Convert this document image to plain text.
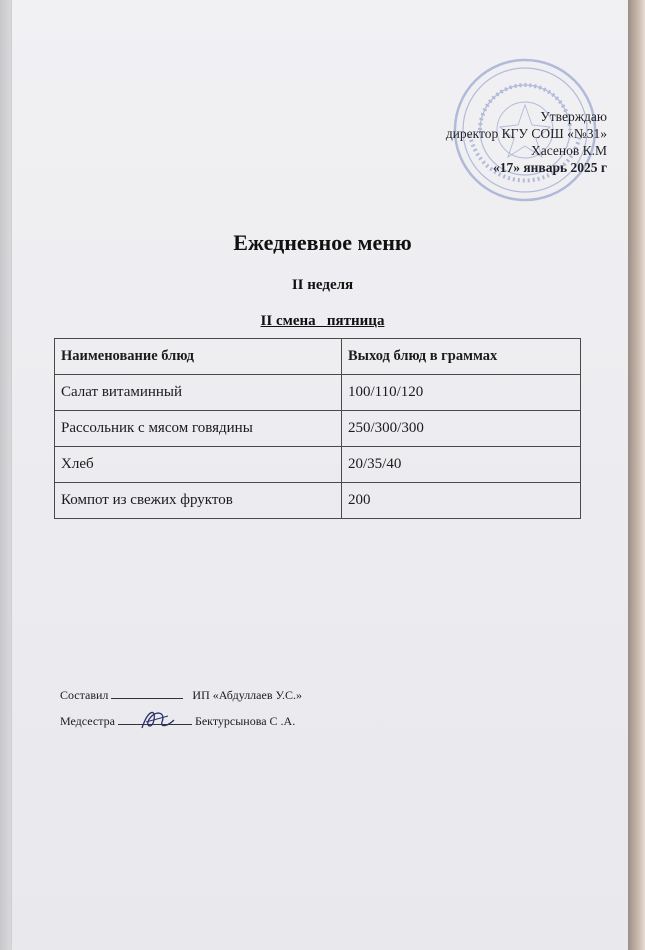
Утверждаю
директор КГУ СОШ «№31»
Хасенов К.М
«17» январь 2025 г
Ежедневное меню
II неделя
II смена   пятница
Наименование блюд	Выход блюд в граммах
Салат витаминный	100/110/120
Рассольник с мясом говядины	250/300/300
Хлеб	20/35/40
Компот из свежих фруктов	200
Составил	ИП «Абдуллаев У.С.»
Медсестра	Бектурсынова С .А.
